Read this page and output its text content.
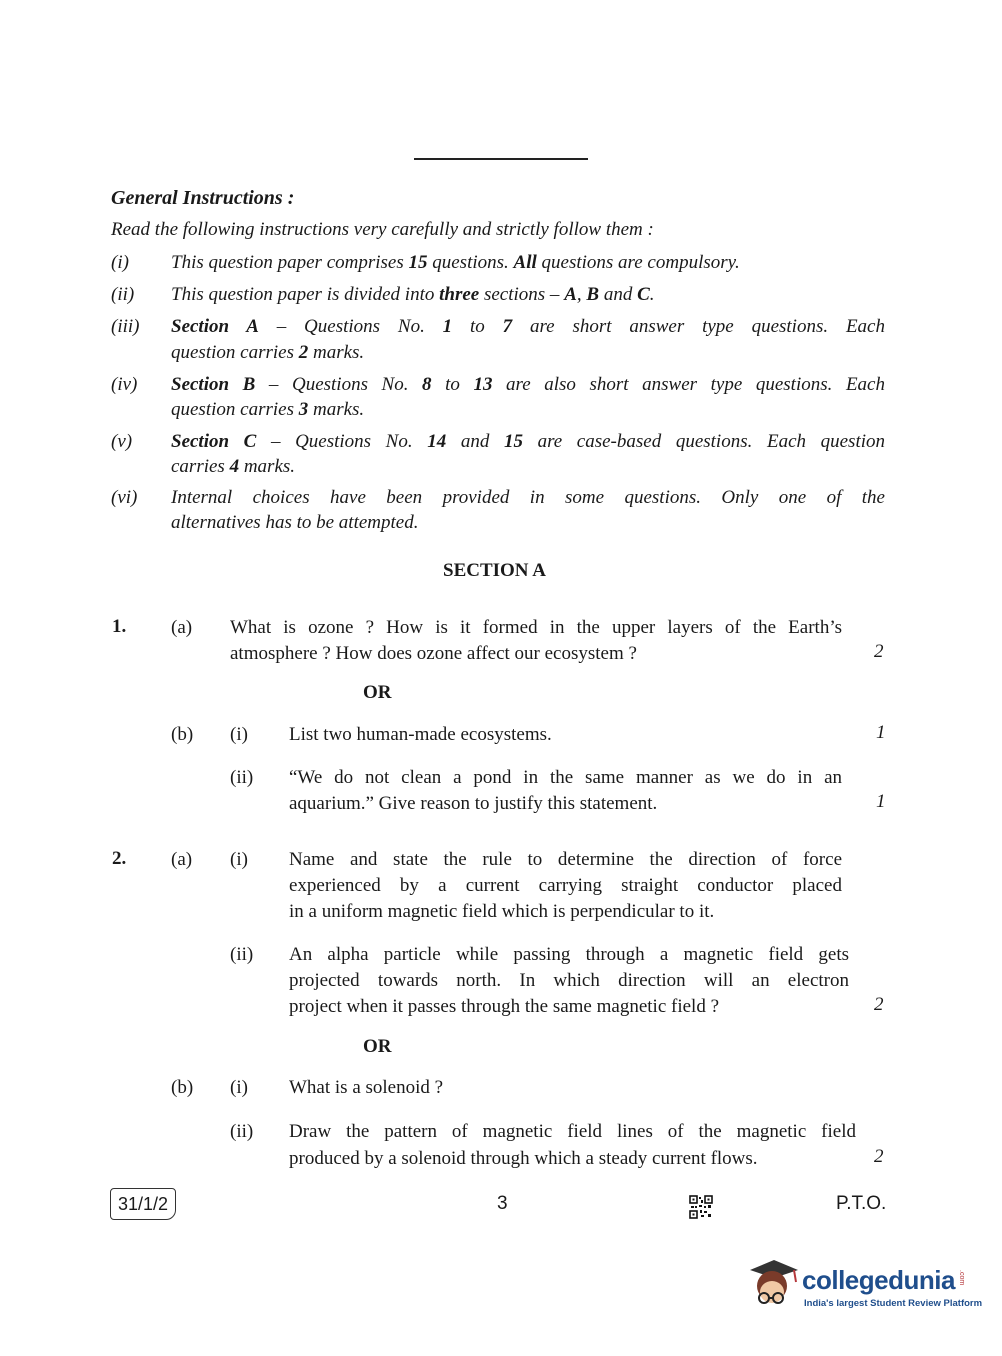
General Instructions :
Read the following instructions very carefully and strictly follow them :
(i) This question paper comprises 15 questions. All questions are compulsory.
(ii) This question paper is divided into three sections – A, B and C.
(iii) Section A – Questions No. 1 to 7 are short answer type questions. Each
question carries 2 marks.
(iv) Section B – Questions No. 8 to 13 are also short answer type questions. Each
question carries 3 marks.
(v) Section C – Questions No. 14 and 15 are case-based questions. Each question
carries 4 marks.
(vi) Internal choices have been provided in some questions. Only one of the
alternatives has to be attempted.
SECTION A
1. (a) What is ozone ? How is it formed in the upper layers of the Earth’s
atmosphere ? How does ozone affect our ecosystem ?	2
OR
(b) (i) List two human-made ecosystems.	1
(ii) “We do not clean a pond in the same manner as we do in an
aquarium.” Give reason to justify this statement.	1
2. (a) (i) Name and state the rule to determine the direction of force
experienced by a current carrying straight conductor placed
in a uniform magnetic field which is perpendicular to it.
(ii) An alpha particle while passing through a magnetic field gets
projected towards north. In which direction will an electron
project when it passes through the same magnetic field ?	2
OR
(b) (i) What is a solenoid ?
(ii) Draw the pattern of magnetic field lines of the magnetic field
produced by a solenoid through which a steady current flows.	2
31/1/2	3	P.T.O.
collegedunia .com
India's largest Student Review Platform
